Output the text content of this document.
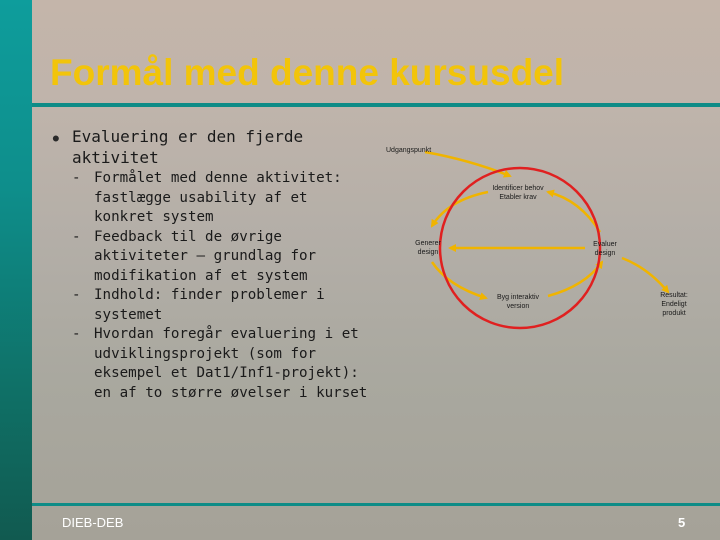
Formål med denne kursusdel
• Evaluering er den fjerde aktivitet
- Formålet med denne aktivitet: fastlægge usability af et konkret system
- Feedback til de øvrige aktiviteter – grundlag for modifikation af et system
- Indhold: finder problemer i systemet
- Hvordan foregår evaluering i et udviklingsprojekt (som for eksempel et Dat1/Inf1-projekt): en af to større øvelser i kurset
Udgangspunkt
Identificer behov
Etabler krav
Generer
design
Evaluer
design
Byg interaktiv
version
Resultat:
Endeligt
produkt
DIEB-DEB	5
